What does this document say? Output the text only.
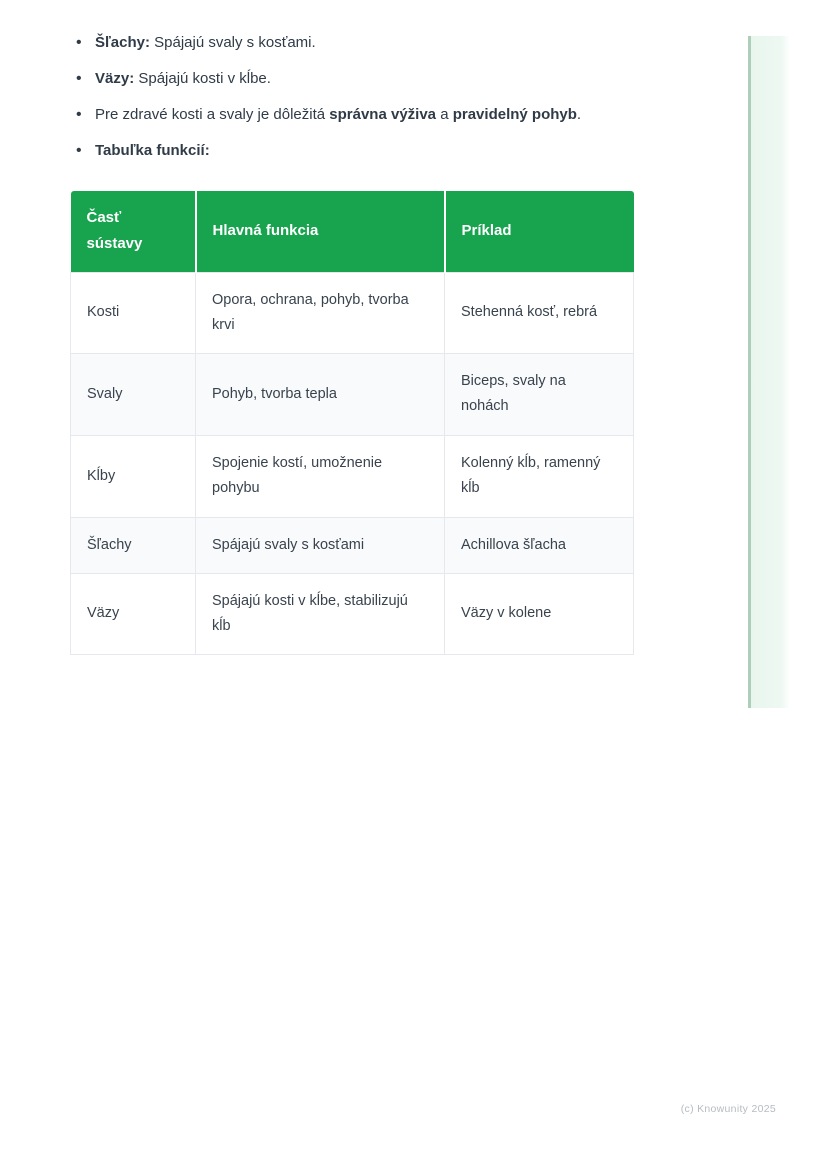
• Šľachy: Spájajú svaly s kosťami.
• Väzy: Spájajú kosti v kĺbe.
• Pre zdravé kosti a svaly je dôležitá správna výživa a pravidelný pohyb.
• Tabuľka funkcií:
Časť sústavy	Hlavná funkcia	Príklad
Kosti	Opora, ochrana, pohyb, tvorba krvi	Stehenná kosť, rebrá
Svaly	Pohyb, tvorba tepla	Biceps, svaly na nohách
Kĺby	Spojenie kostí, umožnenie pohybu	Kolenný kĺb, ramenný kĺb
Šľachy	Spájajú svaly s kosťami	Achillova šľacha
Väzy	Spájajú kosti v kĺbe, stabilizujú kĺb	Väzy v kolene
(c) Knowunity 2025
